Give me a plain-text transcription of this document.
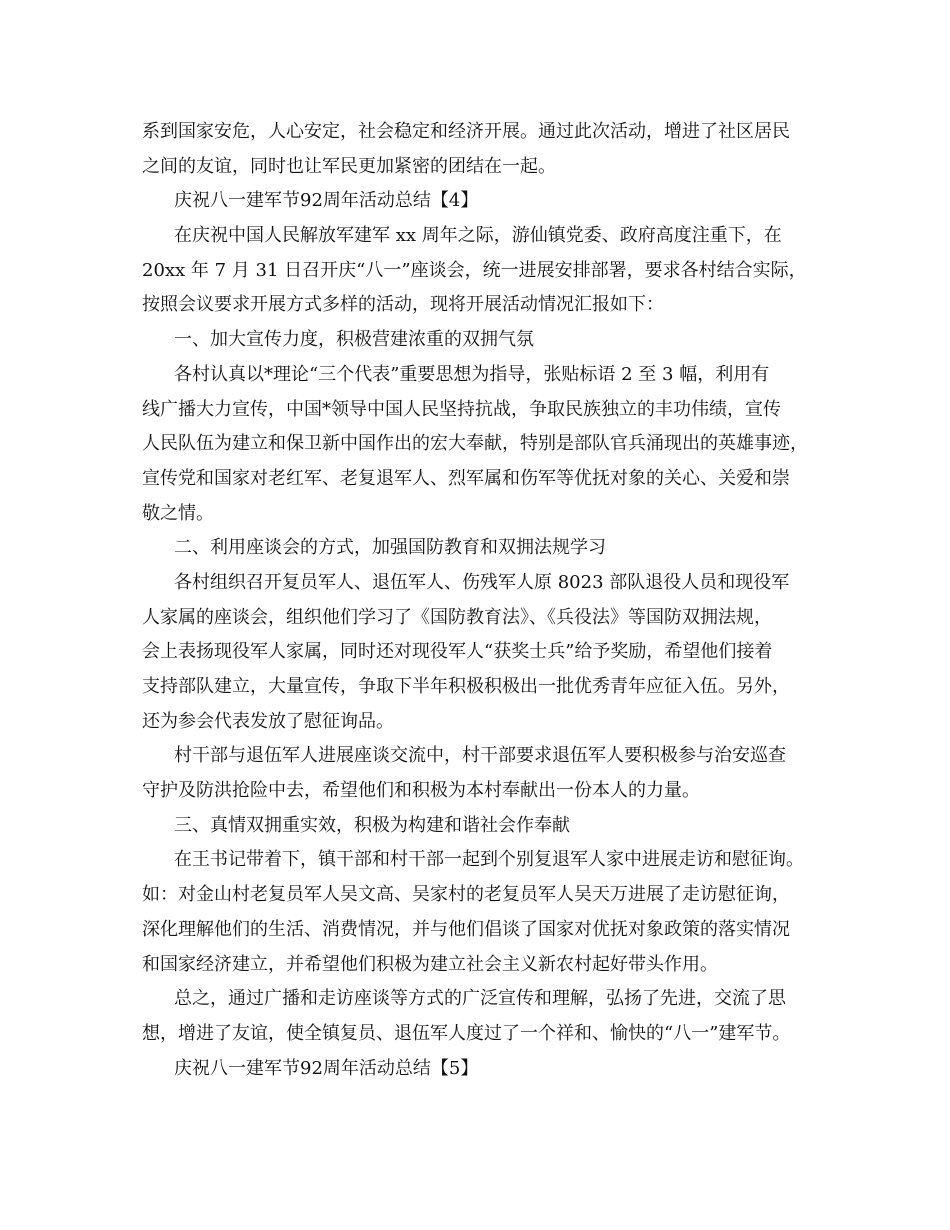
系到国家安危，人心安定，社会稳定和经济开展。通过此次活动，增进了社区居民
之间的友谊，同时也让军民更加紧密的团结在一起。
庆祝八一建军节92周年活动总结【4】
在庆祝中国人民解放军建军 xx 周年之际，游仙镇党委、政府高度注重下，在
20xx 年 7 月 31 日召开庆“八一”座谈会，统一进展安排部署，要求各村结合实际，
按照会议要求开展方式多样的活动，现将开展活动情况汇报如下：
一、加大宣传力度，积极营建浓重的双拥气氛
各村认真以*理论“三个代表”重要思想为指导，张贴标语 2 至 3 幅，利用有
线广播大力宣传，中国*领导中国人民坚持抗战，争取民族独立的丰功伟绩，宣传
人民队伍为建立和保卫新中国作出的宏大奉献，特别是部队官兵涌现出的英雄事迹，
宣传党和国家对老红军、老复退军人、烈军属和伤军等优抚对象的关心、关爱和崇
敬之情。
二、利用座谈会的方式，加强国防教育和双拥法规学习
各村组织召开复员军人、退伍军人、伤残军人原 8023 部队退役人员和现役军
人家属的座谈会，组织他们学习了《国防教育法》、《兵役法》等国防双拥法规，
会上表扬现役军人家属，同时还对现役军人“获奖士兵”给予奖励，希望他们接着
支持部队建立，大量宣传，争取下半年积极积极出一批优秀青年应征入伍。另外，
还为参会代表发放了慰征询品。
村干部与退伍军人进展座谈交流中，村干部要求退伍军人要积极参与治安巡查
守护及防洪抢险中去，希望他们和积极为本村奉献出一份本人的力量。
三、真情双拥重实效，积极为构建和谐社会作奉献
在王书记带着下，镇干部和村干部一起到个别复退军人家中进展走访和慰征询。
如：对金山村老复员军人吴文高、吴家村的老复员军人吴天万进展了走访慰征询，
深化理解他们的生活、消费情况，并与他们倡谈了国家对优抚对象政策的落实情况
和国家经济建立，并希望他们积极为建立社会主义新农村起好带头作用。
总之，通过广播和走访座谈等方式的广泛宣传和理解，弘扬了先进，交流了思
想，增进了友谊，使全镇复员、退伍军人度过了一个祥和、愉快的“八一”建军节。
庆祝八一建军节92周年活动总结【5】
